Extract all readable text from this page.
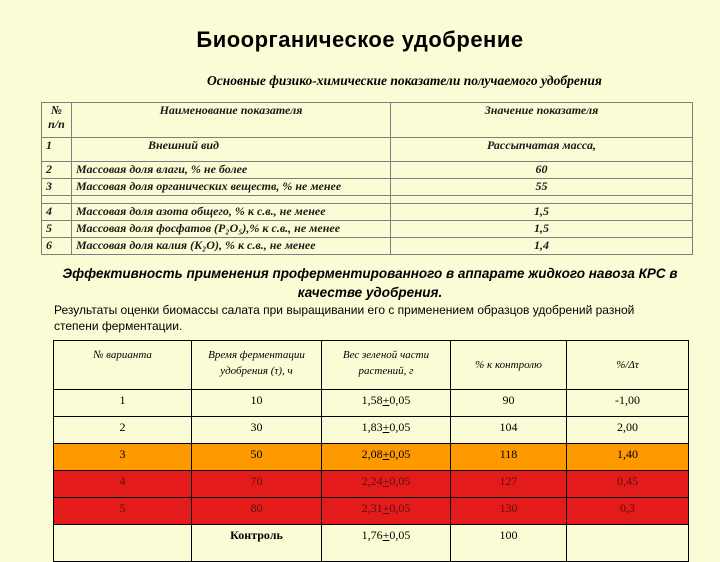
Биоорганическое удобрение
Основные физико-химические показатели получаемого удобрения
№ п/п	Наименование показателя	Значение показателя
1	Внешний вид	Рассыпчатая масса,
2	Массовая доля влаги, % не более	60
3	Массовая доля органических веществ, % не менее	55

4	Массовая доля азота общего, % к с.в., не менее	1,5
5	Массовая доля фосфатов (P₂O₅),% к с.в., не менее	1,5
6	Массовая доля калия (K₂O), % к с.в., не менее	1,4
Эффективность применения проферментированного в аппарате жидкого навоза КРС в качестве удобрения.
Результаты оценки биомассы салата при выращивании его с применением образцов удобрений разной степени ферментации.
№ варианта	Время ферментации удобрения (τ), ч	Вес зеленой части растений, г	% к контролю	%/Δτ
1	10	1,58+0,05	90	-1,00
2	30	1,83+0,05	104	2,00
3	50	2,08+0,05	118	1,40
4	70	2,24+0,05	127	0,45
5	80	2,31+0,05	130	0,3
	Контроль	1,76+0,05	100	
